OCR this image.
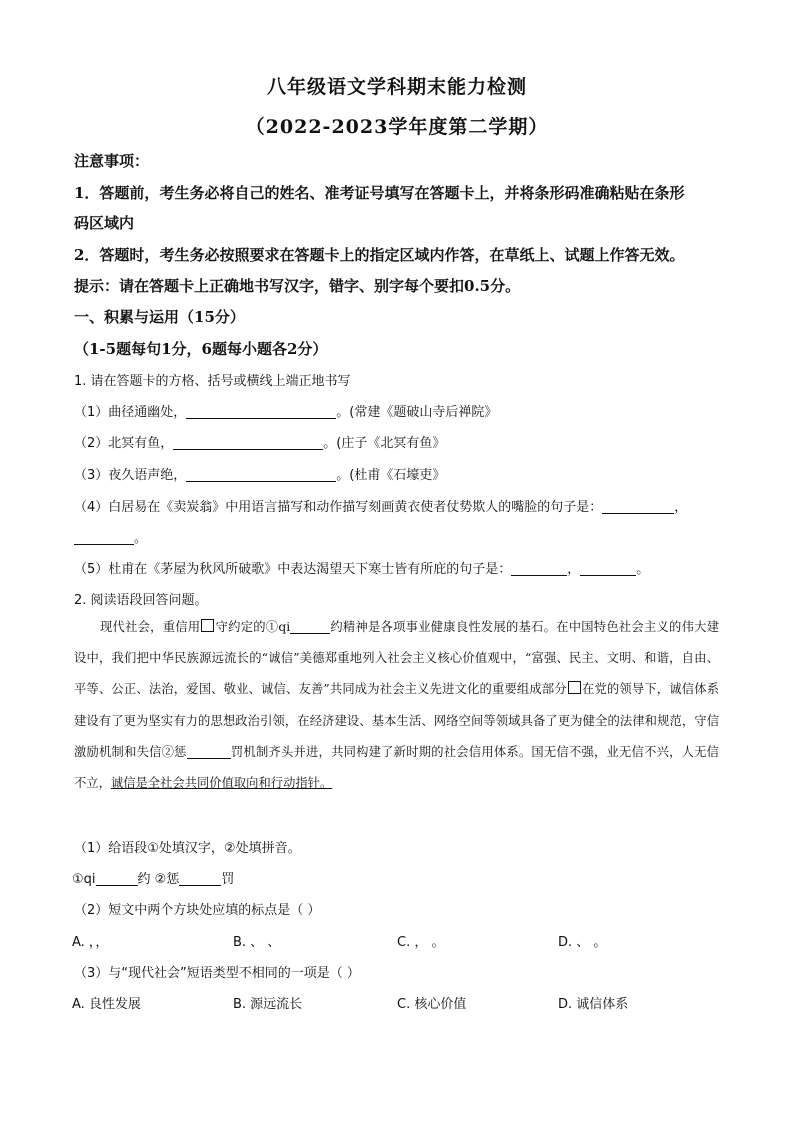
八年级语文学科期末能力检测
（2022-2023学年度第二学期）
注意事项：
1．答题前，考生务必将自己的姓名、准考证号填写在答题卡上，并将条形码准确粘贴在条形
码区域内
2．答题时，考生务必按照要求在答题卡上的指定区域内作答，在草纸上、试题上作答无效。
提示：请在答题卡上正确地书写汉字，错字、别字每个要扣0.5分。
一、积累与运用（15分）
（1-5题每句1分，6题每小题各2分）
1. 请在答题卡的方格、括号或横线上端正地书写
（1）曲径通幽处，	。(常建《题破山寺后禅院》
（2）北冥有鱼，	。(庄子《北冥有鱼》
（3）夜久语声绝，	。(杜甫《石壕吏》
（4）白居易在《卖炭翁》中用语言描写和动作描写刻画黄衣使者仗势欺人的嘴脸的句子是：	，
。
（5）杜甫在《茅屋为秋风所破歌》中表达渴望天下寒士皆有所庇的句子是：	，	。
2. 阅读语段回答问题。

现代社会，重信用 守约定的①qi	约精神是各项事业健康良性发展的基石。在中国特色社会主义的伟大建设中，我们把中华民族源远流长的“诚信”美德郑重地列入社会主义核心价值观中，“富强、民主、文明、和谐，自由、平等、公正、法治，爱国、敬业、诚信、友善”共同成为社会主义先进文化的重要组成部分 在党的领导下，诚信体系建设有了更为坚实有力的思想政治引领，在经济建设、基本生活、网络空间等领域具备了更为健全的法律和规范，守信激励机制和失信②惩	罚机制齐头并进，共同构建了新时期的社会信用体系。国无信不强，业无信不兴，人无信不立，诚信是全社会共同价值取向和行动指针。

（1）给语段①处填汉字，②处填拼音。
①qi	约 ②惩	罚
（2）短文中两个方块处应填的标点是（ ）
A. ，，	B. 、 、	C. ， 。	D. 、 。
（3）与“现代社会”短语类型不相同的一项是（ ）
A. 良性发展	B. 源远流长	C. 核心价值	D. 诚信体系
